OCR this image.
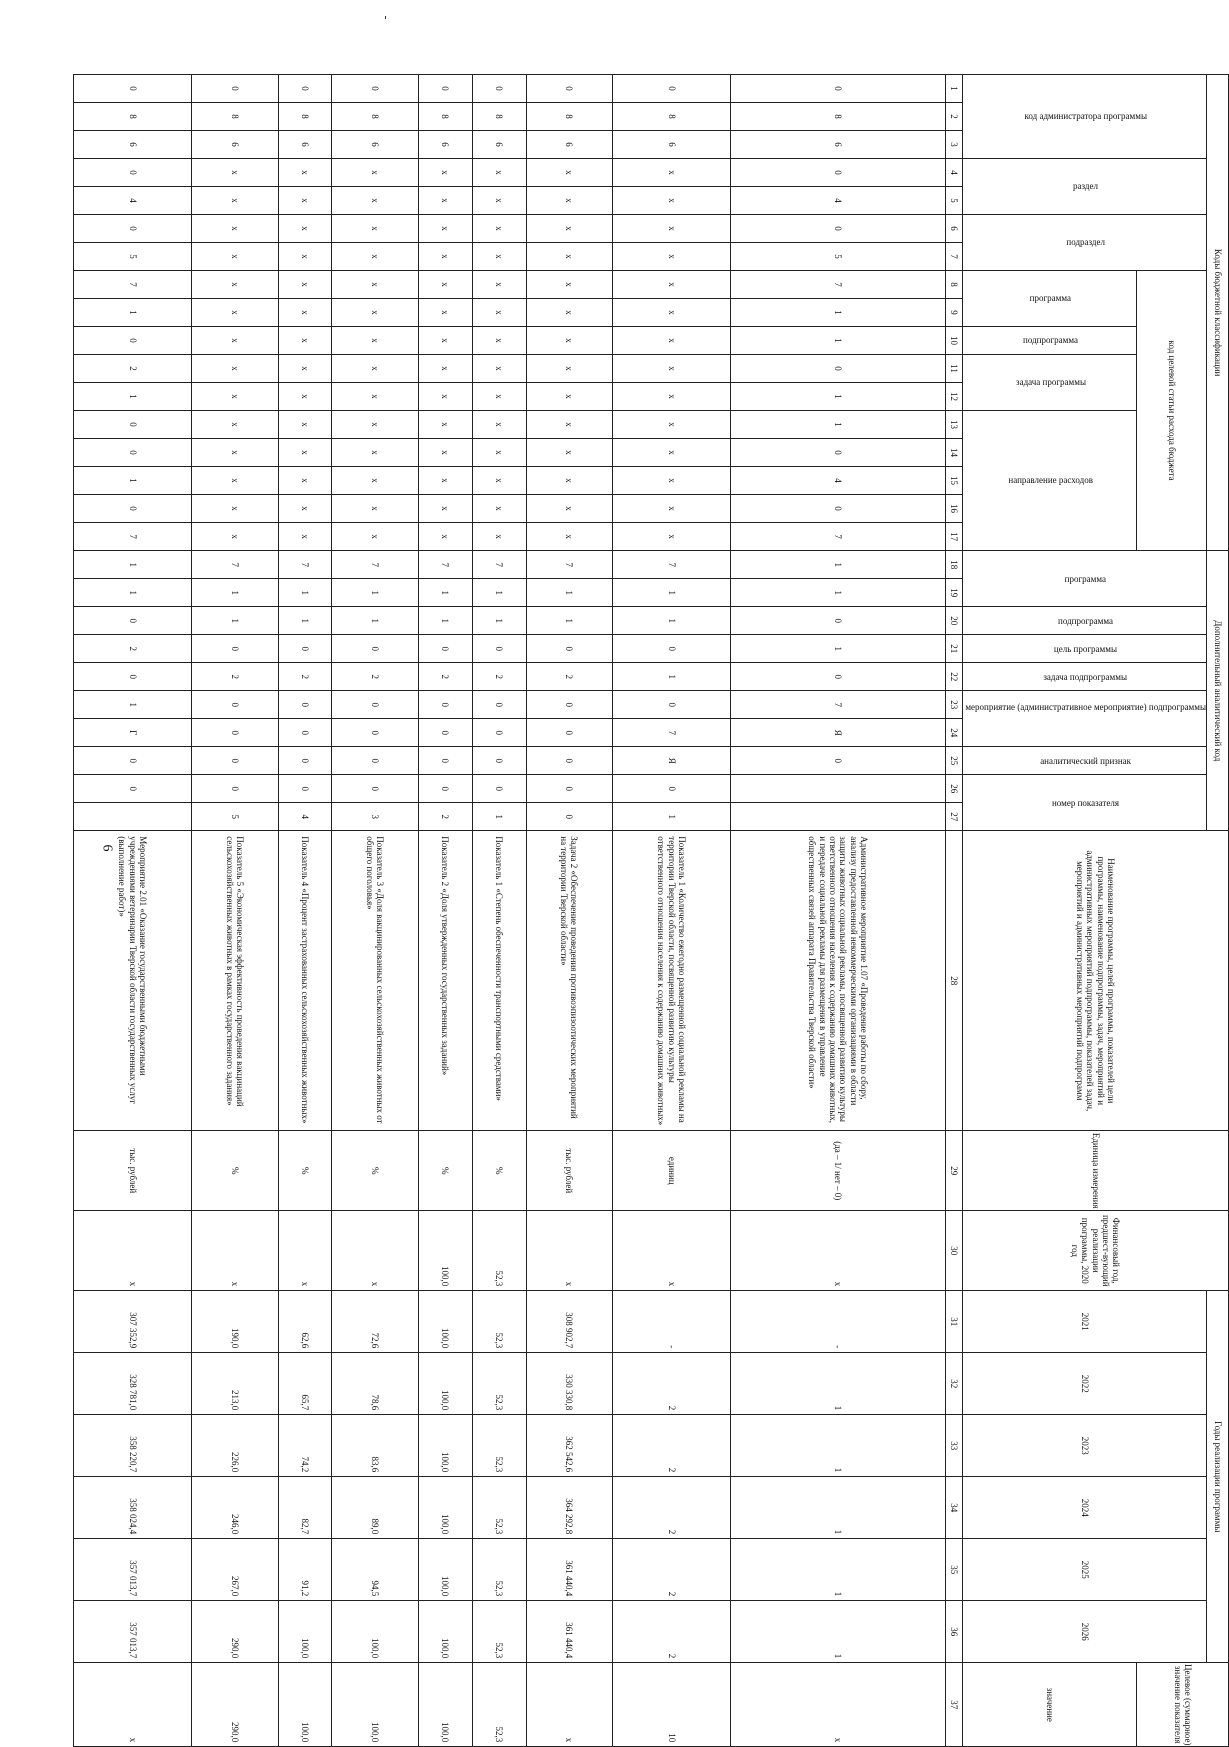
6
Коды бюджетной классификации																	Дополнительный аналитический код										Наименование программы, целей программы, показателей цели программы, наименование подпрограммы, задач, мероприятий и административных мероприятий подпрограммы, показателей задач, мероприятий и административных мероприятий подпрограмм	Единица измерения	Финансовый год, предшест-вующий реализации программы, 2020 год	Годы реализации программы						Целевое (суммарное) значение показателя
код администратора программы			раздел		подраздел		код целевой статьи расхода бюджета										программа		подпрограмма	цель программы	задача подпрограммы	мероприятие (административное мероприятие) подпрограммы		аналитический признак	номер показателя					2021	2022	2023	2024	2025	2026	
							программа		подпрограмма	задача программы		направление расходов																								значение
1	2	3	4	5	6	7	8	9	10	11	12	13	14	15	16	17	18	19	20	21	22	23	24	25	26	27	28	29	30	31	32	33	34	35	36	37
0	8	6	0	4	0	5	7	1	1	0	1	1	0	4	0	7	1	1	0	1	0	7	Я	0			Административное мероприятие 1.07 «Проведение работы по сбору, анализу предоставленной некоммерческими организациями в области защиты животных социальной рекламы, посвященной развитию культуры ответственного отношения населения к содержанию домашних животных, и передаче социальной рекламы для размещения в управление общественных связей аппарата Правительства Тверской области»	(да – 1/ нет – 0)	х	-	1	1	1	1	1	х
0	8	6	х	х	х	х	х	х	х	х	х	х	х	х	х	х	7	1	1	0	1	0	7	Я	0	1	Показатель 1 «Количество ежегодно размещенной социальной рекламы на территории Тверской области, посвященной развитию культуры ответственного отношения населения к содержанию домашних животных»	единиц	х	-	2	2	2	2	2	10
0	8	6	х	х	х	х	х	х	х	х	х	х	х	х	х	х	7	1	1	0	2	0	0	0	0	0	Задача 2 «Обеспечение проведения противоэпизоотических мероприятий на территории Тверской области»	тыс. рублей	х	308 902,7	330 330,8	362 542,6	364 292,8	361 440,4	361 440,4	х
0	8	6	х	х	х	х	х	х	х	х	х	х	х	х	х	х	7	1	1	0	2	0	0	0	0	1	Показатель 1 «Степень обеспеченности транспортными средствами»	%	52,3	52,3	52,3	52,3	52,3	52,3	52,3	52,3
0	8	6	х	х	х	х	х	х	х	х	х	х	х	х	х	х	7	1	1	0	2	0	0	0	0	2	Показатель 2 «Доля утвержденных государственных заданий»	%	100,0	100,0	100,0	100,0	100,0	100,0	100,0	100,0
0	8	6	х	х	х	х	х	х	х	х	х	х	х	х	х	х	7	1	1	0	2	0	0	0	0	3	Показатель 3 «Доля вакцинированных сельскохозяйственных животных от общего поголовья»	%	х	72,6	78,6	83,6	89,0	94,5	100,0	100,0
0	8	6	х	х	х	х	х	х	х	х	х	х	х	х	х	х	7	1	1	0	2	0	0	0	0	4	Показатель 4 «Процент застрахованных сельскохозяйственных животных»	%	х	62,6	65,7	74,2	82,7	91,2	100,0	100,0
0	8	6	х	х	х	х	х	х	х	х	х	х	х	х	х	х	7	1	1	0	2	0	0	0	0	5	Показатель 5 «Экономическая эффективность проведения вакцинаций сельскохозяйственных животных в рамках государственного задания»	%	х	190,0	213,0	226,0	246,0	267,0	290,0	290,0
0	8	6	0	4	0	5	7	1	0	2	1	0	0	1	0	7	1	1	0	2	0	1	Г	0	0		Мероприятие 2.01 «Оказание государственными бюджетными учреждениями ветеринарии Тверской области государственных услуг (выполнение работ)»	тыс. рублей	х	307 352,9	328 781,0	358 220,7	358 024,4	357 013,7	357 013,7	х
